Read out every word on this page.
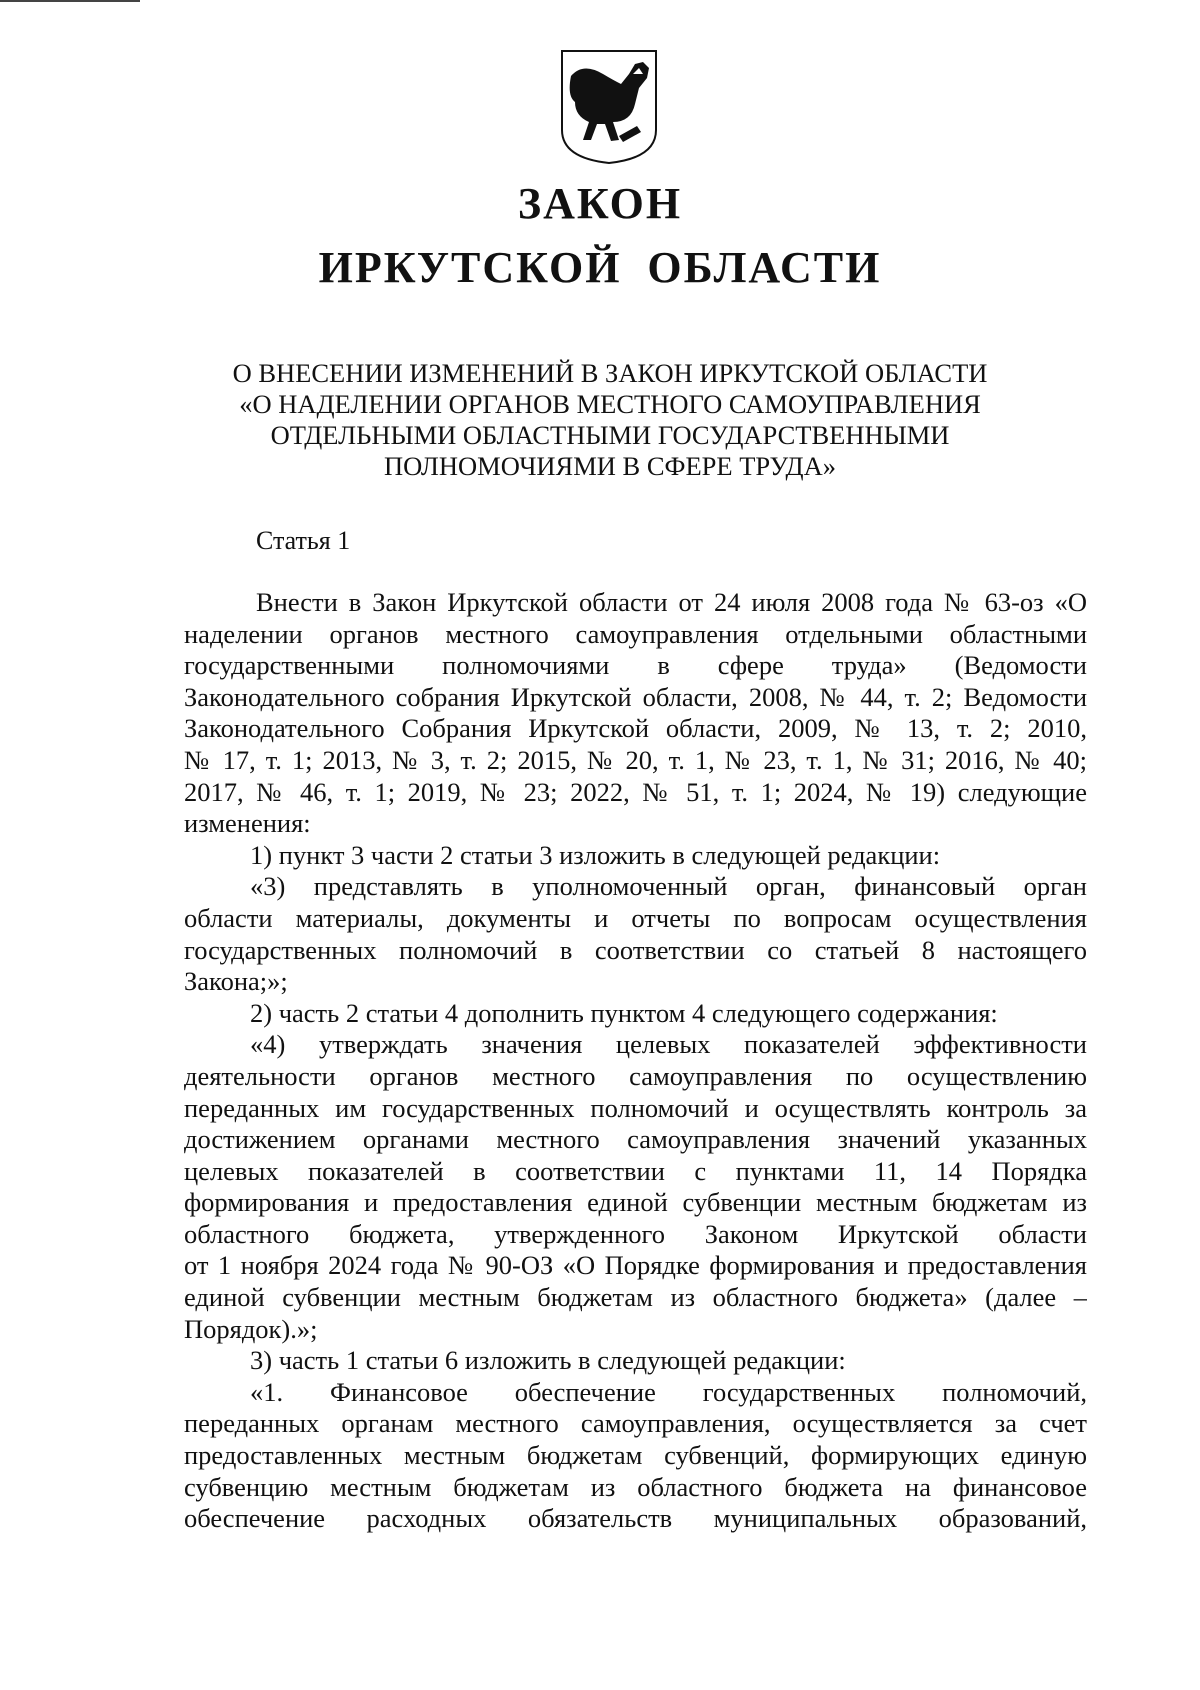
ЗАКОН
ИРКУТСКОЙ  ОБЛАСТИ
О ВНЕСЕНИИ ИЗМЕНЕНИЙ В ЗАКОН ИРКУТСКОЙ ОБЛАСТИ
«О НАДЕЛЕНИИ ОРГАНОВ МЕСТНОГО САМОУПРАВЛЕНИЯ
ОТДЕЛЬНЫМИ ОБЛАСТНЫМИ ГОСУДАРСТВЕННЫМИ
ПОЛНОМОЧИЯМИ В СФЕРЕ ТРУДА»
Статья 1
Внести в Закон Иркутской области от 24 июля 2008 года № 63-оз «О
наделении органов местного самоуправления отдельными областными
государственными полномочиями в сфере труда» (Ведомости
Законодательного собрания Иркутской области, 2008, № 44, т. 2; Ведомости
Законодательного Собрания Иркутской области, 2009, № 13, т. 2; 2010,
№ 17, т. 1; 2013, № 3, т. 2; 2015, № 20, т. 1, № 23, т. 1, № 31; 2016, № 40;
2017, № 46, т. 1; 2019, № 23; 2022, № 51, т. 1; 2024, № 19) следующие
изменения:
1) пункт 3 части 2 статьи 3 изложить в следующей редакции:
«3) представлять в уполномоченный орган, финансовый орган
области материалы, документы и отчеты по вопросам осуществления
государственных полномочий в соответствии со статьей 8 настоящего
Закона;»;
2) часть 2 статьи 4 дополнить пунктом 4 следующего содержания:
«4) утверждать значения целевых показателей эффективности
деятельности органов местного самоуправления по осуществлению
переданных им государственных полномочий и осуществлять контроль за
достижением органами местного самоуправления значений указанных
целевых показателей в соответствии с пунктами 11, 14 Порядка
формирования и предоставления единой субвенции местным бюджетам из
областного бюджета, утвержденного Законом Иркутской области
от 1 ноября 2024 года № 90-ОЗ «О Порядке формирования и предоставления
единой субвенции местным бюджетам из областного бюджета» (далее –
Порядок).»;
3) часть 1 статьи 6 изложить в следующей редакции:
«1. Финансовое обеспечение государственных полномочий,
переданных органам местного самоуправления, осуществляется за счет
предоставленных местным бюджетам субвенций, формирующих единую
субвенцию местным бюджетам из областного бюджета на финансовое
обеспечение расходных обязательств муниципальных образований,
